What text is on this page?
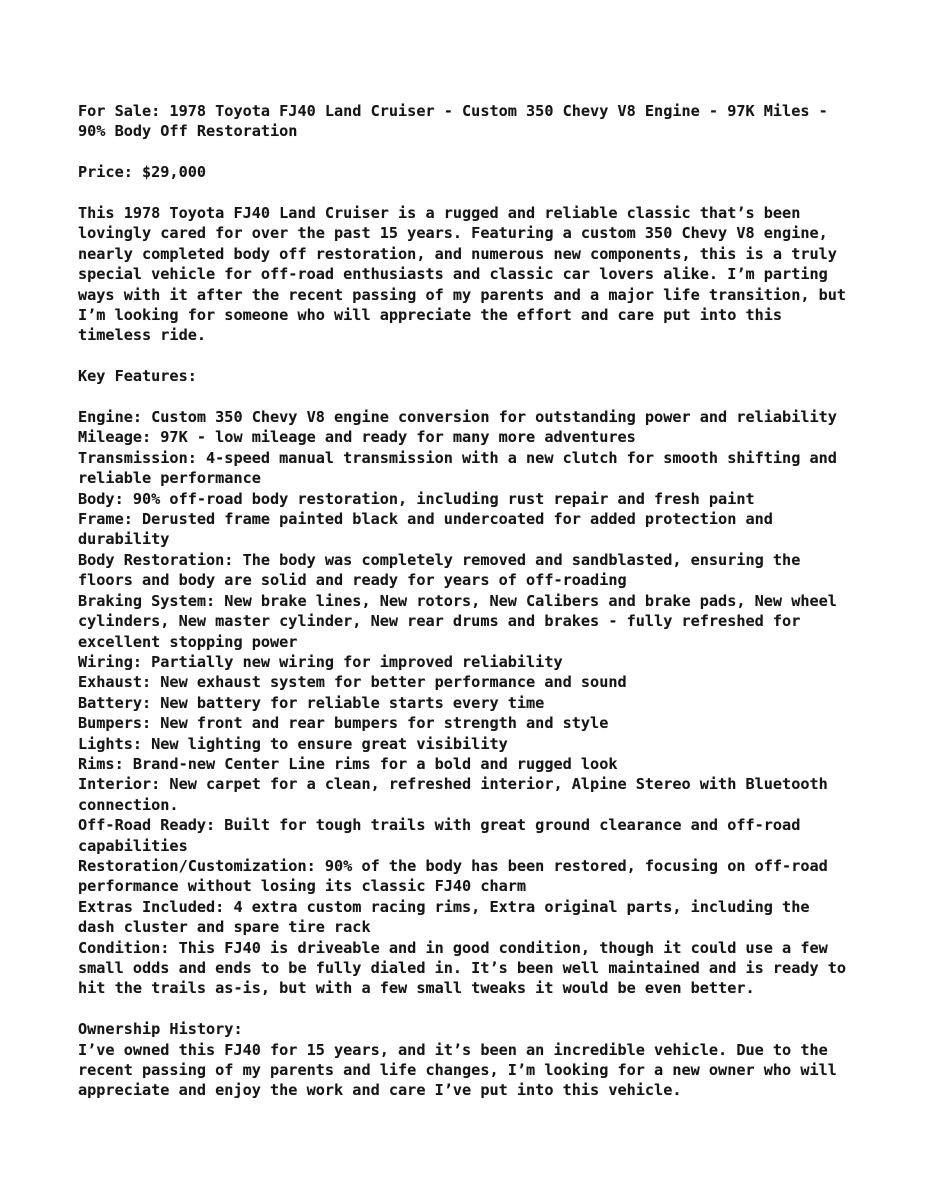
For Sale: 1978 Toyota FJ40 Land Cruiser - Custom 350 Chevy V8 Engine - 97K Miles - 90% Body Off Restoration
Price: $29,000
This 1978 Toyota FJ40 Land Cruiser is a rugged and reliable classic that’s been lovingly cared for over the past 15 years. Featuring a custom 350 Chevy V8 engine, nearly completed body off restoration, and numerous new components, this is a truly special vehicle for off-road enthusiasts and classic car lovers alike. I’m parting ways with it after the recent passing of my parents and a major life transition, but I’m looking for someone who will appreciate the effort and care put into this timeless ride.
Key Features:
Engine: Custom 350 Chevy V8 engine conversion for outstanding power and reliability
Mileage: 97K - low mileage and ready for many more adventures
Transmission: 4-speed manual transmission with a new clutch for smooth shifting and reliable performance
Body: 90% off-road body restoration, including rust repair and fresh paint
Frame: Derusted frame painted black and undercoated for added protection and durability
Body Restoration: The body was completely removed and sandblasted, ensuring the floors and body are solid and ready for years of off-roading
Braking System: New brake lines, New rotors, New Calibers and brake pads, New wheel cylinders, New master cylinder, New rear drums and brakes - fully refreshed for excellent stopping power
Wiring: Partially new wiring for improved reliability
Exhaust: New exhaust system for better performance and sound
Battery: New battery for reliable starts every time
Bumpers: New front and rear bumpers for strength and style
Lights: New lighting to ensure great visibility
Rims: Brand-new Center Line rims for a bold and rugged look
Interior: New carpet for a clean, refreshed interior, Alpine Stereo with Bluetooth connection.
Off-Road Ready: Built for tough trails with great ground clearance and off-road capabilities
Restoration/Customization: 90% of the body has been restored, focusing on off-road performance without losing its classic FJ40 charm
Extras Included: 4 extra custom racing rims, Extra original parts, including the dash cluster and spare tire rack
Condition: This FJ40 is driveable and in good condition, though it could use a few small odds and ends to be fully dialed in. It’s been well maintained and is ready to hit the trails as-is, but with a few small tweaks it would be even better.
Ownership History:
I’ve owned this FJ40 for 15 years, and it’s been an incredible vehicle. Due to the recent passing of my parents and life changes, I’m looking for a new owner who will appreciate and enjoy the work and care I’ve put into this vehicle.
